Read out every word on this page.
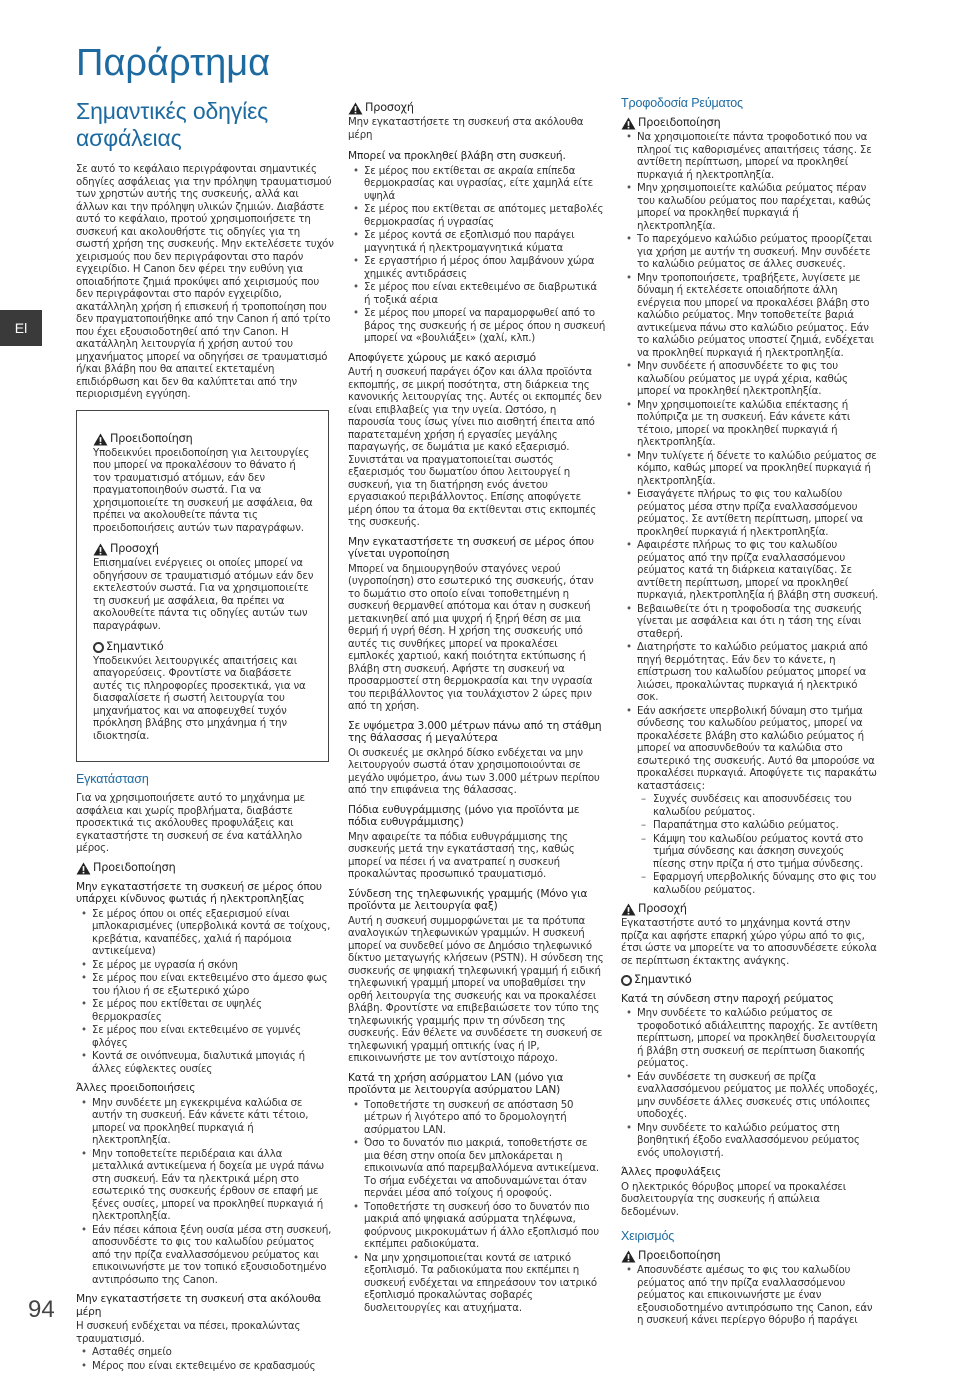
Παράρτημα
El
94
Σημαντικές οδηγίες ασφάλειας

Σε αυτό το κεφάλαιο περιγράφονται σημαντικές οδηγίες ασφάλειας για την πρόληψη τραυματισμού των χρηστών αυτής της συσκευής, αλλά και άλλων και την πρόληψη υλικών ζημιών. Διαβάστε αυτό το κεφάλαιο, προτού χρησιμοποιήσετε τη συσκευή και ακολουθήστε τις οδηγίες για τη σωστή χρήση της συσκευής. Μην εκτελέσετε τυχόν χειρισμούς που δεν περιγράφονται στο παρόν εγχειρίδιο. Η Canon δεν φέρει την ευθύνη για οποιαδήποτε ζημιά προκύψει από χειρισμούς που δεν περιγράφονται στο παρόν εγχειρίδιο, ακατάλληλη χρήση ή επισκευή ή τροποποίηση που δεν πραγματοποιήθηκε από την Canon ή από τρίτο που έχει εξουσιοδοτηθεί από την Canon. Η ακατάλληλη λειτουργία ή χρήση αυτού του μηχανήματος μπορεί να οδηγήσει σε τραυματισμό ή/και βλάβη που θα απαιτεί εκτεταμένη επιδιόρθωση και δεν θα καλύπτεται από την περιορισμένη εγγύηση.

Προειδοποίηση

Υποδεικνύει προειδοποίηση για λειτουργίες που μπορεί να προκαλέσουν το θάνατο ή τον τραυματισμό ατόμων, εάν δεν πραγματοποιηθούν σωστά. Για να χρησιμοποιείτε τη συσκευή με ασφάλεια, θα πρέπει να ακολουθείτε πάντα τις προειδοποιήσεις αυτών των παραγράφων.

Προσοχή

Επισημαίνει ενέργειες οι οποίες μπορεί να οδηγήσουν σε τραυματισμό ατόμων εάν δεν εκτελεστούν σωστά. Για να χρησιμοποιείτε τη συσκευή με ασφάλεια, θα πρέπει να ακολουθείτε πάντα τις οδηγίες αυτών των παραγράφων.

Σημαντικό

Υποδεικνύει λειτουργικές απαιτήσεις και απαγορεύσεις. Φροντίστε να διαβάσετε αυτές τις πληροφορίες προσεκτικά, για να διασφαλίσετε ή σωστή λειτουργία του μηχανήματος και να αποφευχθεί τυχόν πρόκληση βλάβης στο μηχάνημα ή την ιδιοκτησία.

Εγκατάσταση

Για να χρησιμοποιήσετε αυτό το μηχάνημα με ασφάλεια και χωρίς προβλήματα, διαβάστε προσεκτικά τις ακόλουθες προφυλάξεις και εγκαταστήστε τη συσκευή σε ένα κατάλληλο μέρος.

Προειδοποίηση
Μην εγκαταστήσετε τη συσκευή σε μέρος όπου υπάρχει κίνδυνος φωτιάς ή ηλεκτροπληξίας
• Σε μέρος όπου οι οπές εξαερισμού είναι μπλοκαρισμένες (υπερβολικά κοντά σε τοίχους, κρεβάτια, καναπέδες, χαλιά ή παρόμοια αντικείμενα)
• Σε μέρος με υγρασία ή σκόνη
• Σε μέρος που είναι εκτεθειμένο στο άμεσο φως του ήλιου ή σε εξωτερικό χώρο
• Σε μέρος που εκτίθεται σε υψηλές θερμοκρασίες
• Σε μέρος που είναι εκτεθειμένο σε γυμνές φλόγες
• Κοντά σε οινόπνευμα, διαλυτικά μπογιάς ή άλλες εύφλεκτες ουσίες
Άλλες προειδοποιήσεις
• Μην συνδέετε μη εγκεκριμένα καλώδια σε αυτήν τη συσκευή. Εάν κάνετε κάτι τέτοιο, μπορεί να προκληθεί πυρκαγιά ή ηλεκτροπληξία.
• Μην τοποθετείτε περιδέραια και άλλα μεταλλικά αντικείμενα ή δοχεία με υγρά πάνω στη συσκευή. Εάν τα ηλεκτρικά μέρη στο εσωτερικό της συσκευής έρθουν σε επαφή με ξένες ουσίες, μπορεί να προκληθεί πυρκαγιά ή ηλεκτροπληξία.
• Εάν πέσει κάποια ξένη ουσία μέσα στη συσκευή, αποσυνδέστε το φις του καλωδίου ρεύματος από την πρίζα εναλλασσόμενου ρεύματος και επικοινωνήστε με τον τοπικό εξουσιοδοτημένο αντιπρόσωπο της Canon.
Μην εγκαταστήσετε τη συσκευή στα ακόλουθα μέρη

Η συσκευή ενδέχεται να πέσει, προκαλώντας τραυματισμό.

• Ασταθές σημείο
• Μέρος που είναι εκτεθειμένο σε κραδασμούς
Προσοχή

Μην εγκαταστήσετε τη συσκευή στα ακόλουθα μέρη

Μπορεί να προκληθεί βλάβη στη συσκευή.
• Σε μέρος που εκτίθεται σε ακραία επίπεδα θερμοκρασίας και υγρασίας, είτε χαμηλά είτε υψηλά
• Σε μέρος που εκτίθεται σε απότομες μεταβολές θερμοκρασίας ή υγρασίας
• Σε μέρος κοντά σε εξοπλισμό που παράγει μαγνητικά ή ηλεκτρομαγνητικά κύματα
• Σε εργαστήριο ή μέρος όπου λαμβάνουν χώρα χημικές αντιδράσεις
• Σε μέρος που είναι εκτεθειμένο σε διαβρωτικά ή τοξικά αέρια
• Σε μέρος που μπορεί να παραμορφωθεί από το βάρος της συσκευής ή σε μέρος όπου η συσκευή μπορεί να «βουλιάξει» (χαλί, κλπ.)
Αποφύγετε χώρους με κακό αερισμό

Αυτή η συσκευή παράγει όζον και άλλα προϊόντα εκπομπής, σε μικρή ποσότητα, στη διάρκεια της κανονικής λειτουργίας της. Αυτές οι εκπομπές δεν είναι επιβλαβείς για την υγεία. Ωστόσο, η παρουσία τους ίσως γίνει πιο αισθητή έπειτα από παρατεταμένη χρήση ή εργασίες μεγάλης παραγωγής, σε δωμάτια με κακό εξαερισμό. Συνιστάται να πραγματοποιείται σωστός εξαερισμός του δωματίου όπου λειτουργεί η συσκευή, για τη διατήρηση ενός άνετου εργασιακού περιβάλλοντος. Επίσης αποφύγετε μέρη όπου τα άτομα θα εκτίθενται στις εκπομπές της συσκευής.

Μην εγκαταστήσετε τη συσκευή σε μέρος όπου γίνεται υγροποίηση

Μπορεί να δημιουργηθούν σταγόνες νερού (υγροποίηση) στο εσωτερικό της συσκευής, όταν το δωμάτιο στο οποίο είναι τοποθετημένη η συσκευή θερμανθεί απότομα και όταν η συσκευή μετακινηθεί από μια ψυχρή ή ξηρή θέση σε μια θερμή ή υγρή θέση. Η χρήση της συσκευής υπό αυτές τις συνθήκες μπορεί να προκαλέσει εμπλοκές χαρτιού, κακή ποιότητα εκτύπωσης ή βλάβη στη συσκευή. Αφήστε τη συσκευή να προσαρμοστεί στη θερμοκρασία και την υγρασία του περιβάλλοντος για τουλάχιστον 2 ώρες πριν από τη χρήση.

Σε υψόμετρα 3.000 μέτρων πάνω από τη στάθμη της θάλασσας ή μεγαλύτερα

Οι συσκευές με σκληρό δίσκο ενδέχεται να μην λειτουργούν σωστά όταν χρησιμοποιούνται σε μεγάλο υψόμετρο, άνω των 3.000 μέτρων περίπου από την επιφάνεια της θάλασσας.

Πόδια ευθυγράμμισης (μόνο για προϊόντα με πόδια ευθυγράμμισης)

Μην αφαιρείτε τα πόδια ευθυγράμμισης της συσκευής μετά την εγκατάστασή της, καθώς μπορεί να πέσει ή να ανατραπεί η συσκευή προκαλώντας προσωπικό τραυματισμό.

Σύνδεση της τηλεφωνικής γραμμής (Μόνο για προϊόντα με λειτουργία φαξ)

Αυτή η συσκευή συμμορφώνεται με τα πρότυπα αναλογικών τηλεφωνικών γραμμών. Η συσκευή μπορεί να συνδεθεί μόνο σε Δημόσιο τηλεφωνικό δίκτυο μεταγωγής κλήσεων (PSTN). Η σύνδεση της συσκευής σε ψηφιακή τηλεφωνική γραμμή ή ειδική τηλεφωνική γραμμή μπορεί να υποβαθμίσει την ορθή λειτουργία της συσκευής και να προκαλέσει βλάβη. Φροντίστε να επιβεβαιώσετε τον τύπο της τηλεφωνικής γραμμής πριν τη σύνδεση της συσκευής. Εάν θέλετε να συνδέσετε τη συσκευή σε τηλεφωνική γραμμή οπτικής ίνας ή IP, επικοινωνήστε με τον αντίστοιχο πάροχο.

Κατά τη χρήση ασύρματου LAN (μόνο για προϊόντα με λειτουργία ασύρματου LAN)
• Τοποθετήστε τη συσκευή σε απόσταση 50 μέτρων ή λιγότερο από το δρομολογητή ασύρματου LAN.
• Όσο το δυνατόν πιο μακριά, τοποθετήστε σε μια θέση στην οποία δεν μπλοκάρεται η επικοινωνία από παρεμβαλλόμενα αντικείμενα. Το σήμα ενδέχεται να αποδυναμώνεται όταν περνάει μέσα από τοίχους ή οροφούς.
• Τοποθετήστε τη συσκευή όσο το δυνατόν πιο μακριά από ψηφιακά ασύρματα τηλέφωνα, φούρνους μικροκυμάτων ή άλλο εξοπλισμό που εκπέμπει ραδιοκύματα.
• Να μην χρησιμοποιείται κοντά σε ιατρικό εξοπλισμό. Τα ραδιοκύματα που εκπέμπει η συσκευή ενδέχεται να επηρεάσουν τον ιατρικό εξοπλισμό προκαλώντας σοβαρές δυσλειτουργίες και ατυχήματα.
Τροφοδοσία Ρεύματος
Προειδοποίηση
• Να χρησιμοποιείτε πάντα τροφοδοτικό που να πληροί τις καθορισμένες απαιτήσεις τάσης. Σε αντίθετη περίπτωση, μπορεί να προκληθεί πυρκαγιά ή ηλεκτροπληξία.
• Μην χρησιμοποιείτε καλώδια ρεύματος πέραν του καλωδίου ρεύματος που παρέχεται, καθώς μπορεί να προκληθεί πυρκαγιά ή ηλεκτροπληξία.
• Το παρεχόμενο καλώδιο ρεύματος προορίζεται για χρήση με αυτήν τη συσκευή. Μην συνδέετε το καλώδιο ρεύματος σε άλλες συσκευές.
• Μην τροποποιήσετε, τραβήξετε, λυγίσετε με δύναμη ή εκτελέσετε οποιαδήποτε άλλη ενέργεια που μπορεί να προκαλέσει βλάβη στο καλώδιο ρεύματος. Μην τοποθετείτε βαριά αντικείμενα πάνω στο καλώδιο ρεύματος. Εάν το καλώδιο ρεύματος υποστεί ζημιά, ενδέχεται να προκληθεί πυρκαγιά ή ηλεκτροπληξία.
• Μην συνδέετε ή αποσυνδέετε το φις του καλωδίου ρεύματος με υγρά χέρια, καθώς μπορεί να προκληθεί ηλεκτροπληξία.
• Μην χρησιμοποιείτε καλώδια επέκτασης ή πολύπριζα με τη συσκευή. Εάν κάνετε κάτι τέτοιο, μπορεί να προκληθεί πυρκαγιά ή ηλεκτροπληξία.
• Μην τυλίγετε ή δένετε το καλώδιο ρεύματος σε κόμπο, καθώς μπορεί να προκληθεί πυρκαγιά ή ηλεκτροπληξία.
• Εισαγάγετε πλήρως το φις του καλωδίου ρεύματος μέσα στην πρίζα εναλλασσόμενου ρεύματος. Σε αντίθετη περίπτωση, μπορεί να προκληθεί πυρκαγιά ή ηλεκτροπληξία.
• Αφαιρέστε πλήρως το φις του καλωδίου ρεύματος από την πρίζα εναλλασσόμενου ρεύματος κατά τη διάρκεια καταιγίδας. Σε αντίθετη περίπτωση, μπορεί να προκληθεί πυρκαγιά, ηλεκτροπληξία ή βλάβη στη συσκευή.
• Βεβαιωθείτε ότι η τροφοδοσία της συσκευής γίνεται με ασφάλεια και ότι η τάση της είναι σταθερή.
• Διατηρήστε το καλώδιο ρεύματος μακριά από πηγή θερμότητας. Εάν δεν το κάνετε, η επίστρωση του καλωδίου ρεύματος μπορεί να λιώσει, προκαλώντας πυρκαγιά ή ηλεκτρικό σοκ.
• Εάν ασκήσετε υπερβολική δύναμη στο τμήμα σύνδεσης του καλωδίου ρεύματος, μπορεί να προκαλέσετε βλάβη στο καλώδιο ρεύματος ή μπορεί να αποσυνδεθούν τα καλώδια στο εσωτερικό της συσκευής. Αυτό θα μπορούσε να προκαλέσει πυρκαγιά. Αποφύγετε τις παρακάτω καταστάσεις:
– Συχνές συνδέσεις και αποσυνδέσεις του καλωδίου ρεύματος.
– Παραπάτημα στο καλώδιο ρεύματος.
– Κάμψη του καλωδίου ρεύματος κοντά στο τμήμα σύνδεσης και άσκηση συνεχούς πίεσης στην πρίζα ή στο τμήμα σύνδεσης.
– Εφαρμογή υπερβολικής δύναμης στο φις του καλωδίου ρεύματος.
Προσοχή

Εγκαταστήστε αυτό το μηχάνημα κοντά στην πρίζα και αφήστε επαρκή χώρο γύρω από το φις, έτσι ώστε να μπορείτε να το αποσυνδέσετε εύκολα σε περίπτωση έκτακτης ανάγκης.

Σημαντικό
Κατά τη σύνδεση στην παροχή ρεύματος
• Μην συνδέετε το καλώδιο ρεύματος σε τροφοδοτικό αδιάλειπτης παροχής. Σε αντίθετη περίπτωση, μπορεί να προκληθεί δυσλειτουργία ή βλάβη στη συσκευή σε περίπτωση διακοπής ρεύματος.
• Εάν συνδέσετε τη συσκευή σε πρίζα εναλλασσόμενου ρεύματος με πολλές υποδοχές, μην συνδέσετε άλλες συσκευές στις υπόλοιπες υποδοχές.
• Μην συνδέετε το καλώδιο ρεύματος στη βοηθητική έξοδο εναλλασσόμενου ρεύματος ενός υπολογιστή.
Άλλες προφυλάξεις

Ο ηλεκτρικός θόρυβος μπορεί να προκαλέσει δυσλειτουργία της συσκευής ή απώλεια δεδομένων.

Χειρισμός
Προειδοποίηση
• Αποσυνδέστε αμέσως το φις του καλωδίου ρεύματος από την πρίζα εναλλασσόμενου ρεύματος και επικοινωνήστε με έναν εξουσιοδοτημένο αντιπρόσωπο της Canon, εάν η συσκευή κάνει περίεργο θόρυβο ή παράγει
